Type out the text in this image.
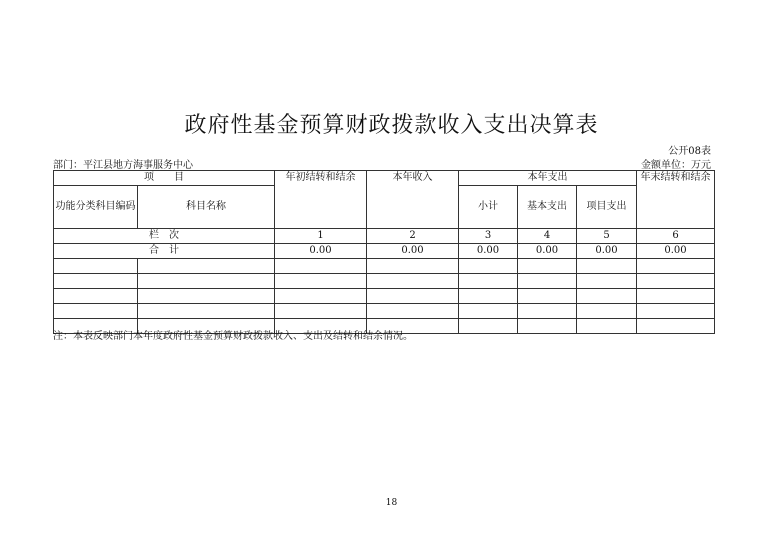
政府性基金预算财政拨款收入支出决算表
公开08表
部门：平江县地方海事服务中心	金额单位：万元
项　　目		年初结转和结余	本年收入	本年支出			年末结转和结余
功能分类科目编码	科目名称			小计	基本支出	项目支出	
栏　次		1	2	3	4	5	6
合　计		0.00	0.00	0.00	0.00	0.00	0.00

注：本表反映部门本年度政府性基金预算财政拨款收入、支出及结转和结余情况。
18
